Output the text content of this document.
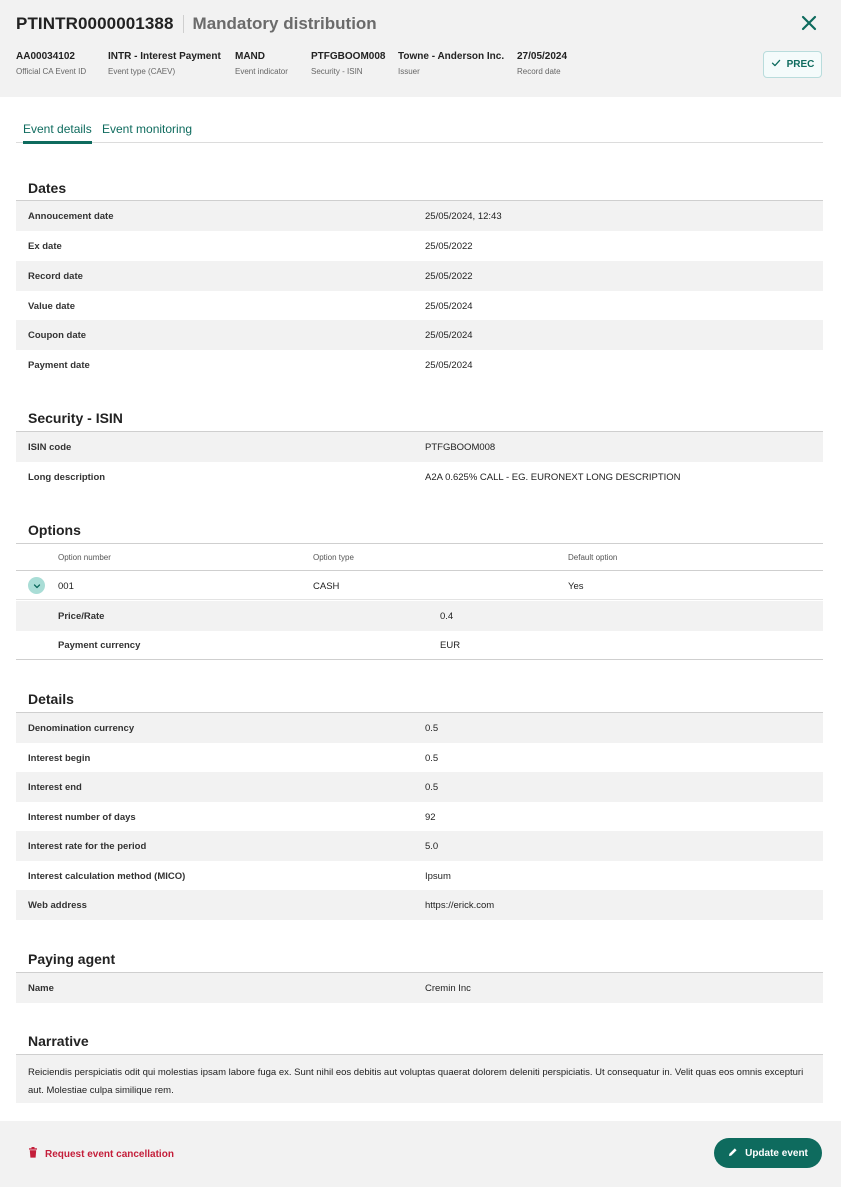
PTINTR0000001388 Mandatory distribution
AA00034102
Official CA Event ID
INTR - Interest Payment
Event type (CAEV)
MAND
Event indicator
PTFGBOOM008
Security - ISIN
Towne - Anderson Inc.
Issuer
27/05/2024
Record date
PREC
Event details Event monitoring
Dates
Annoucement date	25/05/2024, 12:43
Ex date	25/05/2022
Record date	25/05/2022
Value date	25/05/2024
Coupon date	25/05/2024
Payment date	25/05/2024
Security - ISIN
ISIN code	PTFGBOOM008
Long description	A2A 0.625% CALL - EG. EURONEXT LONG DESCRIPTION
Options
Option number	Option type	Default option
001	CASH	Yes
Price/Rate	0.4
Payment currency	EUR
Details
Denomination currency	0.5
Interest begin	0.5
Interest end	0.5
Interest number of days	92
Interest rate for the period	5.0
Interest calculation method (MICO)	Ipsum
Web address	https://erick.com
Paying agent
Name	Cremin Inc
Narrative
Reiciendis perspiciatis odit qui molestias ipsam labore fuga ex. Sunt nihil eos debitis aut voluptas quaerat dolorem deleniti perspiciatis. Ut consequatur in. Velit quas eos omnis excepturi aut. Molestiae culpa similique rem.
Request event cancellation	Update event
